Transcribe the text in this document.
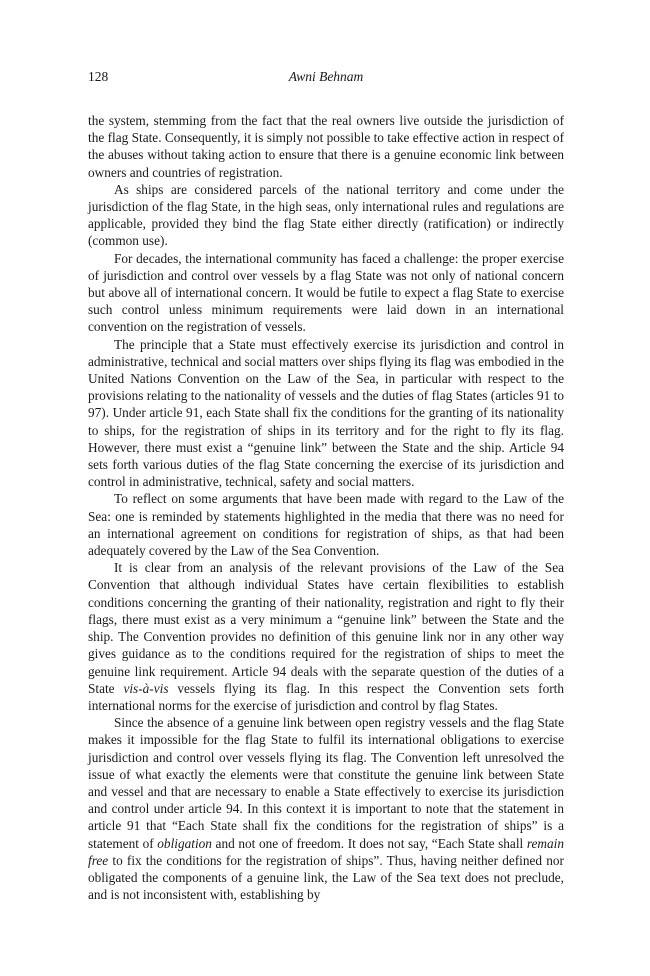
128	Awni Behnam

the system, stemming from the fact that the real owners live outside the jurisdiction of the flag State. Consequently, it is simply not possible to take effective action in respect of the abuses without taking action to ensure that there is a genuine economic link between owners and countries of registration.

As ships are considered parcels of the national territory and come under the jurisdiction of the flag State, in the high seas, only international rules and regulations are applicable, provided they bind the flag State either directly (ratification) or indirectly (common use).

For decades, the international community has faced a challenge: the proper exercise of jurisdiction and control over vessels by a flag State was not only of national concern but above all of international concern. It would be futile to expect a flag State to exercise such control unless minimum requirements were laid down in an international convention on the registration of vessels.

The principle that a State must effectively exercise its jurisdiction and control in administrative, technical and social matters over ships flying its flag was embodied in the United Nations Convention on the Law of the Sea, in particular with respect to the provisions relating to the nationality of vessels and the duties of flag States (articles 91 to 97). Under article 91, each State shall fix the conditions for the granting of its nationality to ships, for the registration of ships in its territory and for the right to fly its flag. However, there must exist a “genuine link” between the State and the ship. Article 94 sets forth various duties of the flag State concerning the exercise of its jurisdiction and control in administrative, technical, safety and social matters.

To reflect on some arguments that have been made with regard to the Law of the Sea: one is reminded by statements highlighted in the media that there was no need for an international agreement on conditions for registration of ships, as that had been adequately covered by the Law of the Sea Convention.

It is clear from an analysis of the relevant provisions of the Law of the Sea Convention that although individual States have certain flexibilities to establish conditions concerning the granting of their nationality, registration and right to fly their flags, there must exist as a very minimum a “genuine link” between the State and the ship. The Convention provides no definition of this genuine link nor in any other way gives guidance as to the conditions required for the registration of ships to meet the genuine link requirement. Article 94 deals with the separate question of the duties of a State vis-à-vis vessels flying its flag. In this respect the Convention sets forth international norms for the exercise of jurisdiction and control by flag States.

Since the absence of a genuine link between open registry vessels and the flag State makes it impossible for the flag State to fulfil its international obligations to exercise jurisdiction and control over vessels flying its flag. The Convention left unresolved the issue of what exactly the elements were that constitute the genuine link between State and vessel and that are necessary to enable a State effectively to exercise its jurisdiction and control under article 94. In this context it is important to note that the statement in article 91 that “Each State shall fix the conditions for the registration of ships” is a statement of obligation and not one of freedom. It does not say, “Each State shall remain free to fix the conditions for the registration of ships”. Thus, having neither defined nor obligated the components of a genuine link, the Law of the Sea text does not preclude, and is not inconsistent with, establishing by
